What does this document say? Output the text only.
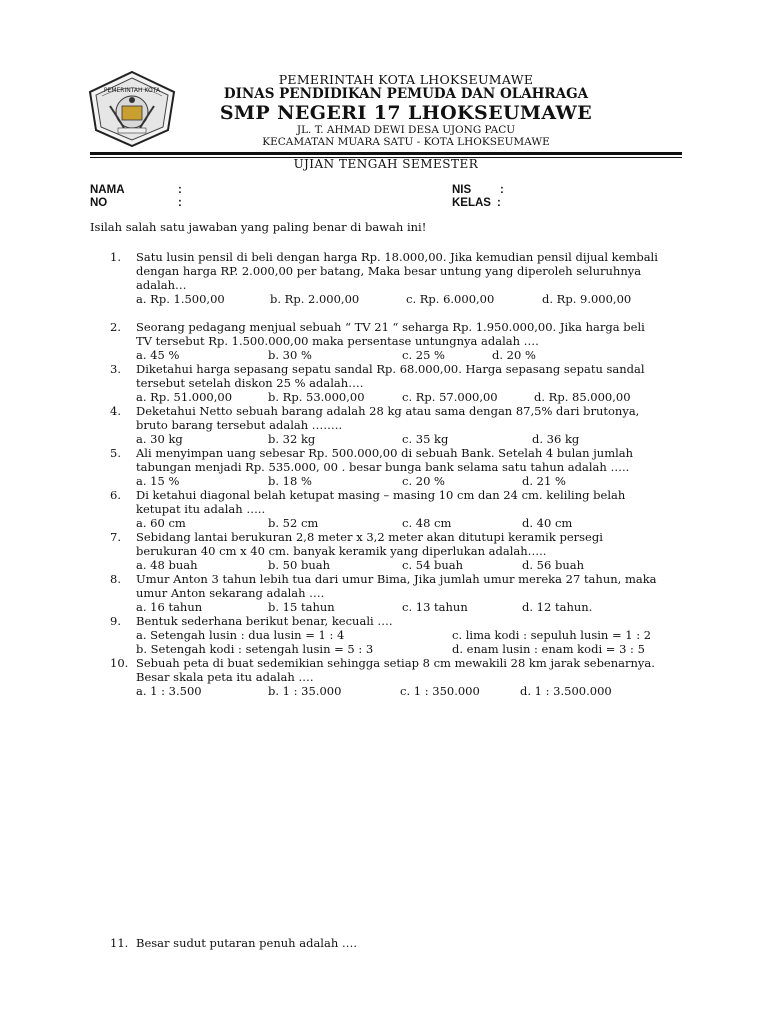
PEMERINTAH KOTA
PEMERINTAH KOTA LHOKSEUMAWE
DINAS PENDIDIKAN PEMUDA DAN OLAHRAGA
SMP NEGERI 17 LHOKSEUMAWE
JL. T. AHMAD DEWI DESA UJONG PACU
KECAMATAN MUARA SATU - KOTA LHOKSEUMAWE
UJIAN TENGAH SEMESTER
NAMA	:
NO	:
NIS	:
KELAS :
Isilah salah satu jawaban yang paling benar di bawah ini!
1.	Satu lusin pensil di beli dengan harga Rp. 18.000,00. Jika kemudian pensil dijual kembali
dengan harga RP. 2.000,00 per batang, Maka besar untung yang diperoleh seluruhnya
adalah…
a. Rp. 1.500,00	b. Rp. 2.000,00	c. Rp. 6.000,00	d. Rp. 9.000,00
2.	Seorang pedagang menjual sebuah “ TV 21 “ seharga Rp. 1.950.000,00. Jika harga beli
TV tersebut Rp. 1.500.000,00 maka persentase untungnya adalah ….
a. 45 %	b. 30 %	c. 25 %	d. 20 %
3.	Diketahui harga sepasang sepatu sandal Rp. 68.000,00. Harga sepasang sepatu sandal
tersebut setelah diskon 25 % adalah….
a. Rp. 51.000,00	b. Rp. 53.000,00	c. Rp. 57.000,00	d. Rp. 85.000,00
4.	Deketahui Netto sebuah barang adalah 28 kg atau sama dengan 87,5% dari brutonya,
bruto barang tersebut adalah ……..
a. 30 kg	b. 32 kg	c. 35 kg	d. 36 kg
5.	Ali menyimpan uang sebesar Rp. 500.000,00 di sebuah Bank. Setelah 4 bulan jumlah
tabungan menjadi Rp. 535.000, 00 . besar bunga bank selama satu tahun adalah …..
a. 15 %	b. 18 %	c. 20 %	d. 21 %
6.	Di ketahui diagonal belah ketupat masing – masing 10 cm dan 24 cm. keliling belah
ketupat itu adalah …..
a. 60 cm	b. 52 cm	c. 48 cm	d. 40 cm
7.	Sebidang lantai berukuran 2,8 meter x 3,2 meter akan ditutupi keramik persegi
berukuran 40 cm x 40 cm. banyak keramik yang diperlukan adalah…..
a. 48 buah	b. 50 buah	c. 54 buah	d. 56 buah
8.	Umur Anton 3 tahun lebih tua dari umur Bima, Jika jumlah umur mereka 27 tahun, maka
umur Anton sekarang adalah ….
a. 16 tahun	b. 15 tahun	c. 13 tahun	d. 12 tahun.
9.	Bentuk sederhana berikut benar, kecuali ….
a. Setengah lusin : dua lusin = 1 : 4	c. lima kodi : sepuluh lusin = 1 : 2
b. Setengah kodi : setengah lusin = 5 : 3	d. enam lusin : enam kodi = 3 : 5
10. Sebuah peta di buat sedemikian sehingga setiap 8 cm mewakili 28 km jarak sebenarnya.
Besar skala peta itu adalah ….
a. 1 : 3.500	b. 1 : 35.000	c. 1 : 350.000	d. 1 : 3.500.000
11. Besar sudut putaran penuh adalah ….
